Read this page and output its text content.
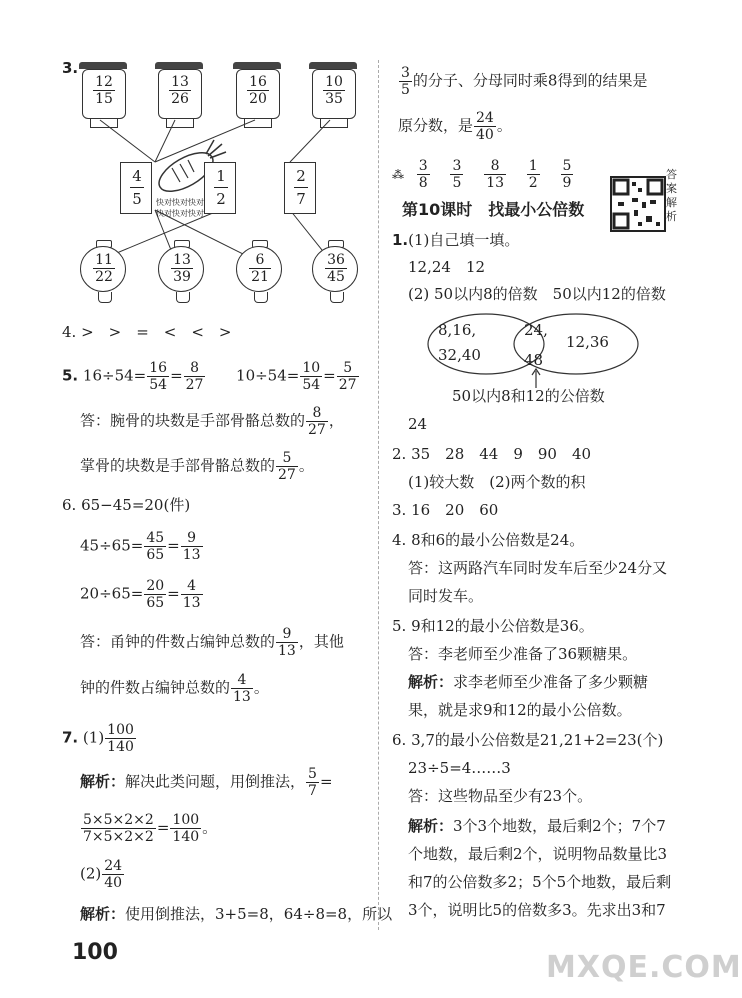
3.
$\frac{12}{15} \frac{13}{26}$	$\frac{16}{20} \frac{10}{35}$
$\frac{4}{5}$ 快对快对快对
快对快对快对
$\frac{1}{2}$	$\frac{2}{7}$
$\frac{11}{22} \frac{13}{39} \frac{6}{21} \frac{36}{45}$
4. >　>　=　<　<　>
5. $16\div 54= \frac{16}{54} = \frac{8}{27} 10\div 54= \frac{10}{54} = \frac{5}{27}$
答：腕骨的块数是手部骨骼总数的 $\frac{8}{27}$ ，
掌骨的块数是手部骨骼总数的 $\frac{5}{27}$ 。
6. 65−45=20(件)
$45\div 65= \frac{45}{65} = \frac{9}{13}$
$20\div 65= \frac{20}{65} = \frac{4}{13}$
答：甬钟的件数占编钟总数的 $\frac{9}{13}$ ，其他
钟的件数占编钟总数的 $\frac{4}{13}$ 。
7. $(1) \frac{100}{140}$
解析：解决此类问题，用倒推法， $\frac{5}{7}$ =
$\frac{5\times 5\times 2\times 2}{7\times 5\times 2\times 2} = \frac{100}{140}$ 。
$(2) \frac{24}{40}$
解析：使用倒推法，3+5=8，64÷8=8，所以
100
$\frac{3}{5}$ 的分子、分母同时乘8得到的结果是
原分数，是 $\frac{24}{40}$ 。
⁂ $\frac{3}{8}$
$\frac{3}{5}$
$\frac{8}{13}$
$\frac{1}{2}$
$\frac{5}{9}$
第10课时　找最小公倍数
答案解析
1.(1)自己填一填。
12,24　12
(2) 50以内8的倍数　50以内12的倍数
8,16,
32,40
24,
48
12,36
50以内8和12的公倍数
24
2. 35　28　44　9　90　40
(1)较大数　(2)两个数的积
3. 16　20　60
4. 8和6的最小公倍数是24。
答：这两路汽车同时发车后至少24分又
同时发车。
5. 9和12的最小公倍数是36。
答：李老师至少准备了36颗糖果。
解析：求李老师至少准备了多少颗糖
果，就是求9和12的最小公倍数。
6. 3,7的最小公倍数是21,21+2=23(个)
23÷5=4……3
答：这些物品至少有23个。
解析：3个3个地数，最后剩2个；7个7
个地数，最后剩2个，说明物品数量比3
和7的公倍数多2；5个5个地数，最后剩
3个，说明比5的倍数多3。先求出3和7
MXQE.COM
